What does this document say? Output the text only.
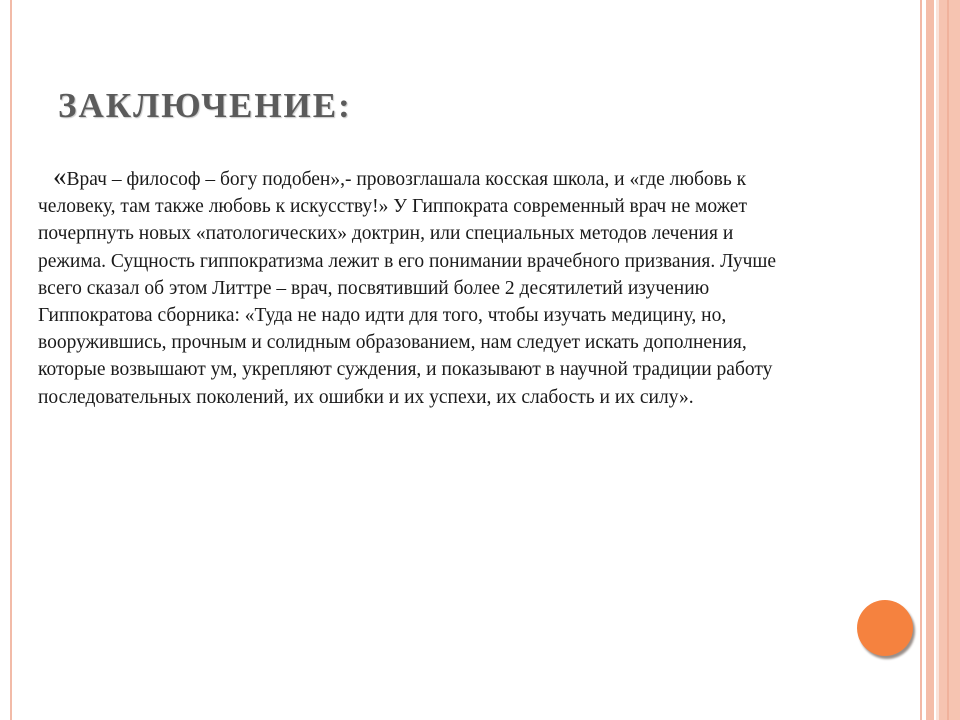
ЗАКЛЮЧЕНИЕ:
«Врач – философ – богу подобен»,- провозглашала косская школа, и «где любовь к
человеку, там также любовь к искусству!» У Гиппократа современный врач не может
почерпнуть новых «патологических» доктрин, или специальных методов лечения и
режима. Сущность гиппократизма лежит в его понимании врачебного призвания. Лучше
всего сказал об этом Литтре – врач, посвятивший более 2 десятилетий изучению
Гиппократова сборника: «Туда не надо идти для того, чтобы изучать медицину, но,
вооружившись, прочным и солидным образованием, нам следует искать дополнения,
которые возвышают ум, укрепляют суждения, и показывают в научной традиции работу
последовательных поколений, их ошибки и их успехи, их слабость и их силу».
